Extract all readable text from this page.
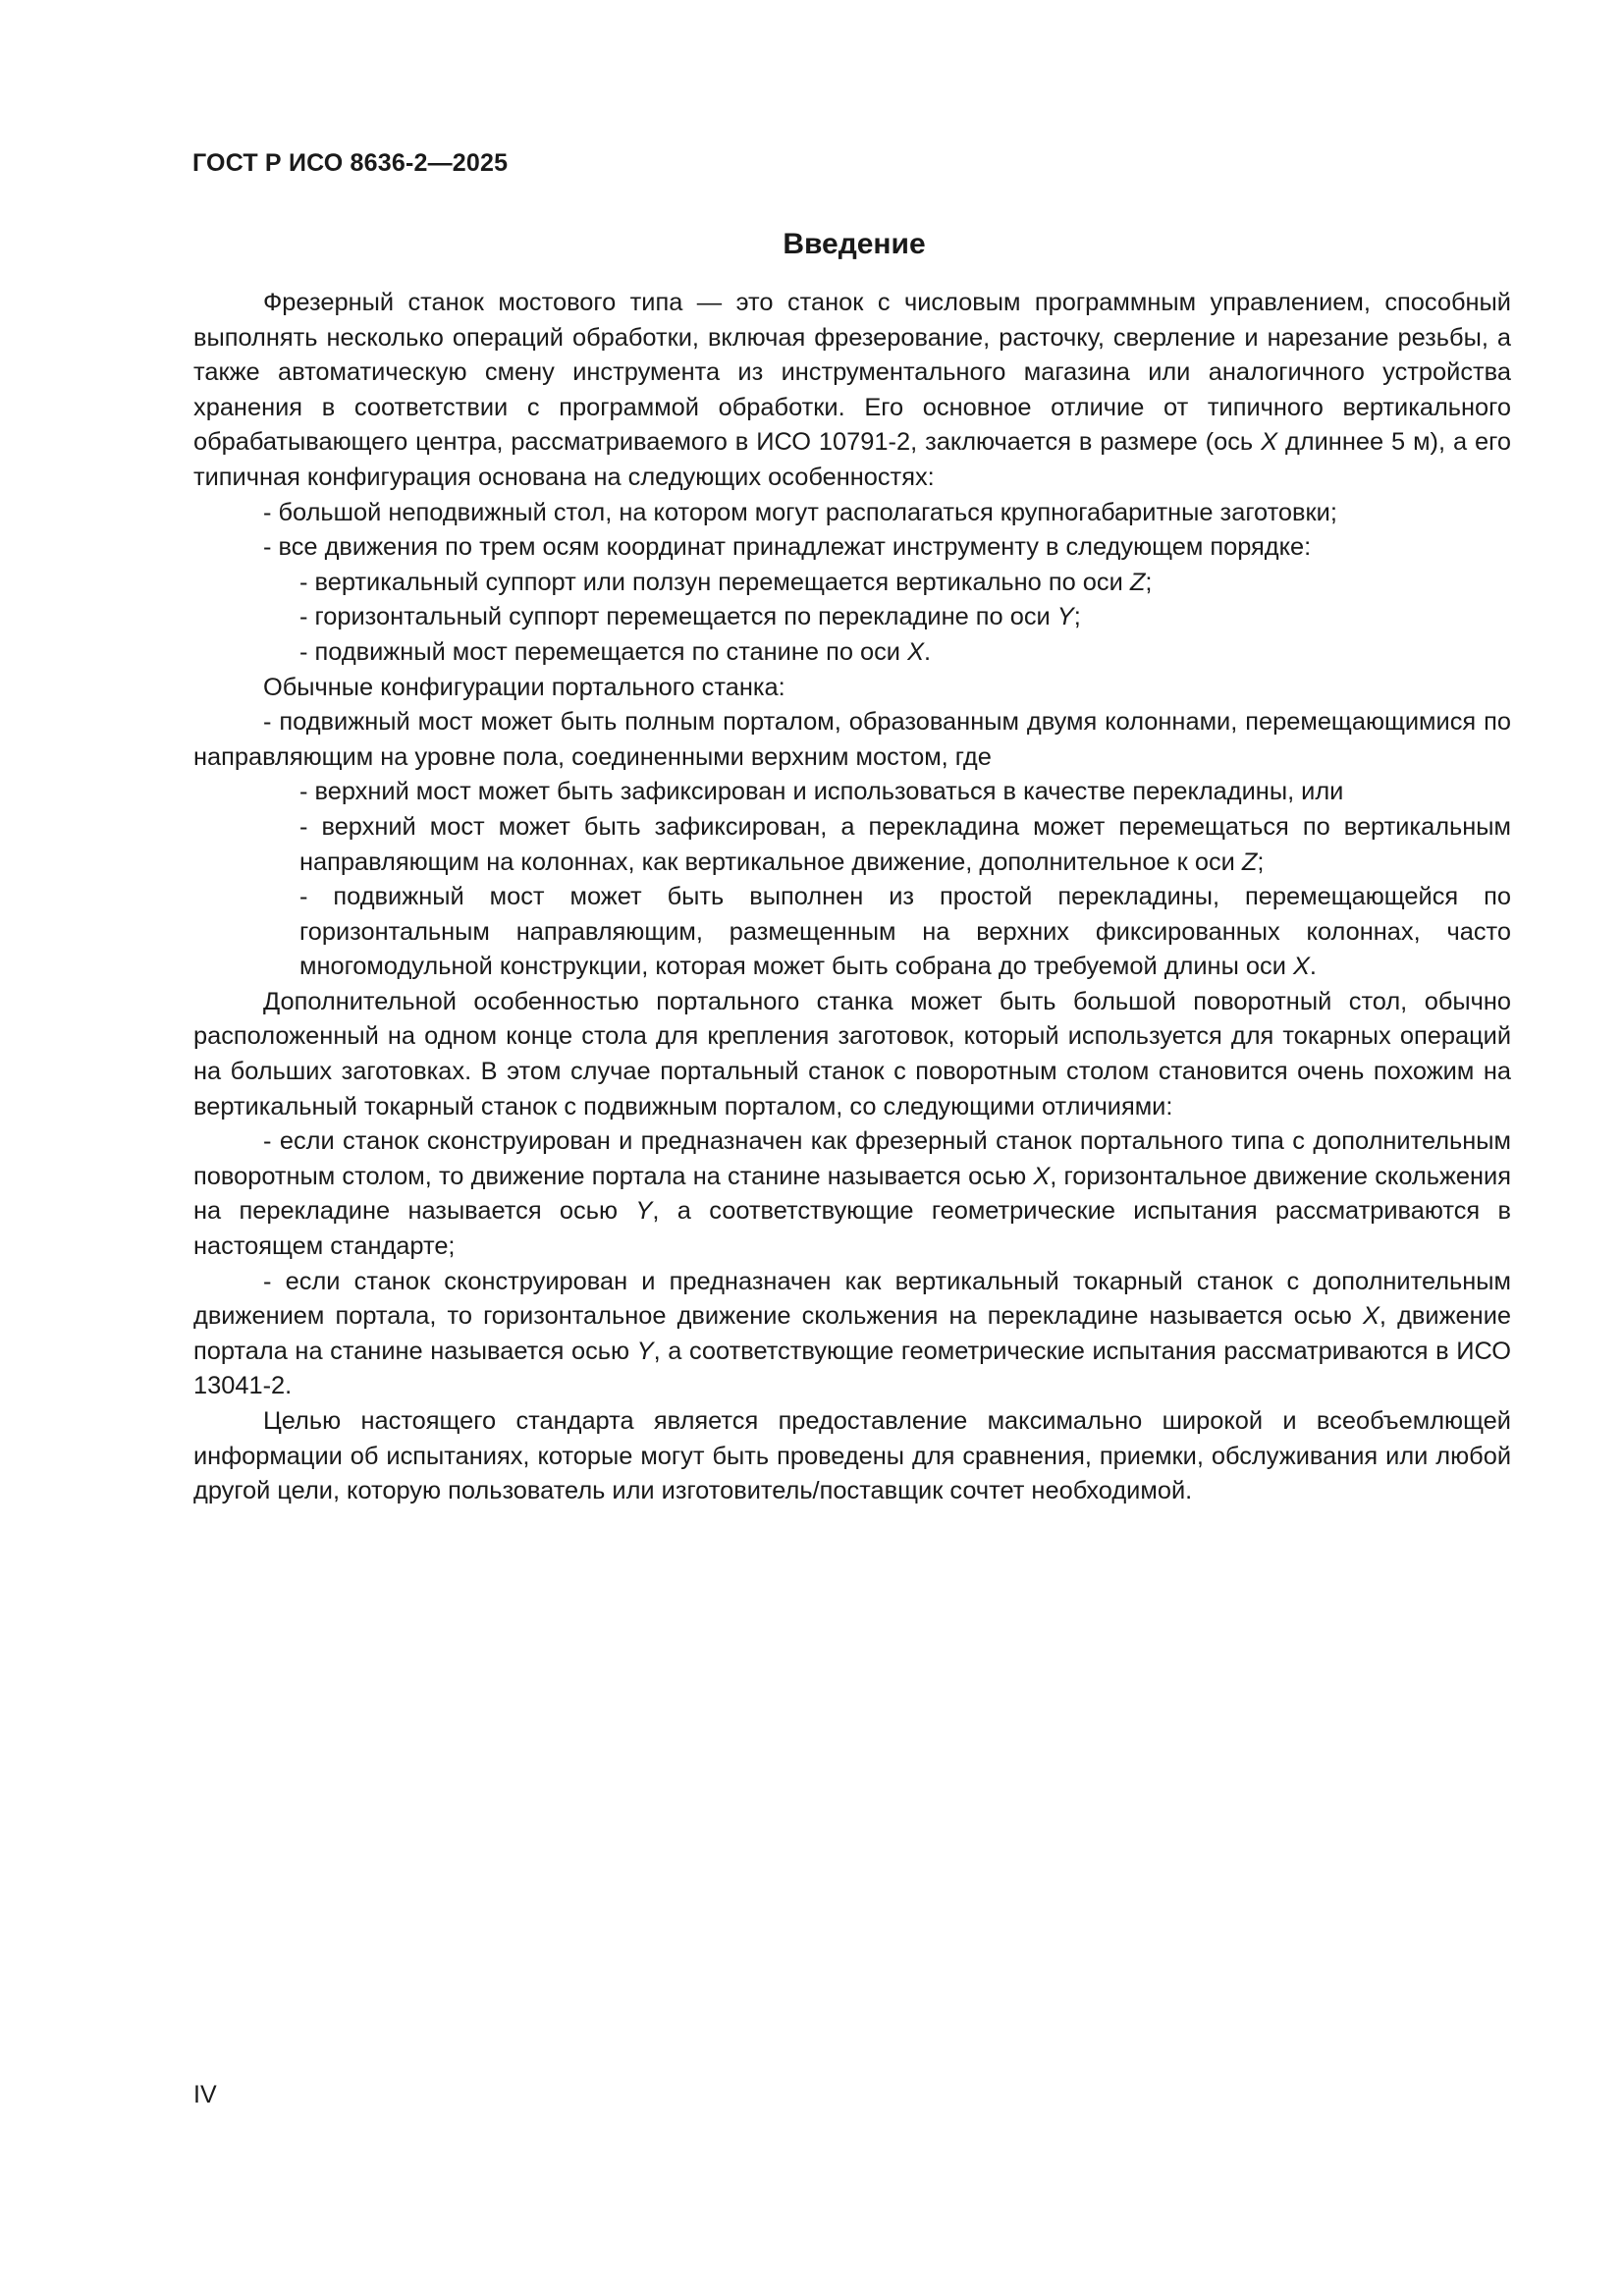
ГОСТ Р ИСО 8636-2—2025
Введение

Фрезерный станок мостового типа — это станок с числовым программным управлением, способный выполнять несколько операций обработки, включая фрезерование, расточку, сверление и нарезание резьбы, а также автоматическую смену инструмента из инструментального магазина или аналогичного устройства хранения в соответствии с программой обработки. Его основное отличие от типичного вертикального обрабатывающего центра, рассматриваемого в ИСО 10791-2, заключается в размере (ось X длиннее 5 м), а его типичная конфигурация основана на следующих особенностях:

- большой неподвижный стол, на котором могут располагаться крупногабаритные заготовки;

- все движения по трем осям координат принадлежат инструменту в следующем порядке:

- вертикальный суппорт или ползун перемещается вертикально по оси Z;

- горизонтальный суппорт перемещается по перекладине по оси Y;

- подвижный мост перемещается по станине по оси X.

Обычные конфигурации портального станка:

- подвижный мост может быть полным порталом, образованным двумя колоннами, перемещающимися по направляющим на уровне пола, соединенными верхним мостом, где

- верхний мост может быть зафиксирован и использоваться в качестве перекладины, или

- верхний мост может быть зафиксирован, а перекладина может перемещаться по вертикальным направляющим на колоннах, как вертикальное движение, дополнительное к оси Z;

- подвижный мост может быть выполнен из простой перекладины, перемещающейся по горизонтальным направляющим, размещенным на верхних фиксированных колоннах, часто многомодульной конструкции, которая может быть собрана до требуемой длины оси X.

Дополнительной особенностью портального станка может быть большой поворотный стол, обычно расположенный на одном конце стола для крепления заготовок, который используется для токарных операций на больших заготовках. В этом случае портальный станок с поворотным столом становится очень похожим на вертикальный токарный станок с подвижным порталом, со следующими отличиями:

- если станок сконструирован и предназначен как фрезерный станок портального типа с дополнительным поворотным столом, то движение портала на станине называется осью X, горизонтальное движение скольжения на перекладине называется осью Y, а соответствующие геометрические испытания рассматриваются в настоящем стандарте;

- если станок сконструирован и предназначен как вертикальный токарный станок с дополнительным движением портала, то горизонтальное движение скольжения на перекладине называется осью X, движение портала на станине называется осью Y, а соответствующие геометрические испытания рассматриваются в ИСО 13041-2.

Целью настоящего стандарта является предоставление максимально широкой и всеобъемлющей информации об испытаниях, которые могут быть проведены для сравнения, приемки, обслуживания или любой другой цели, которую пользователь или изготовитель/поставщик сочтет необходимой.

IV
